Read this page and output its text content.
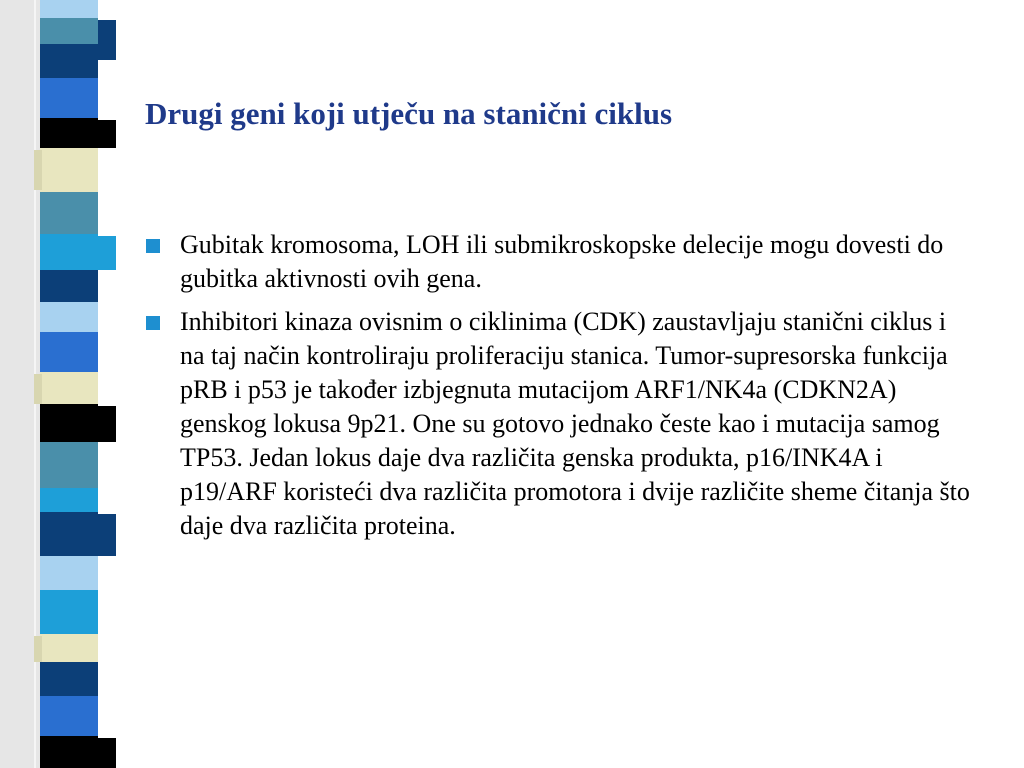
Drugi geni koji utječu na stanični ciklus
Gubitak kromosoma, LOH ili submikroskopske delecije mogu dovesti do gubitka aktivnosti ovih gena.
Inhibitori kinaza ovisnim o ciklinima (CDK) zaustavljaju stanični ciklus i na taj način kontroliraju proliferaciju stanica. Tumor-supresorska funkcija pRB i p53 je također izbjegnuta mutacijom ARF1/NK4a (CDKN2A) genskog lokusa 9p21. One su gotovo jednako česte kao i mutacija samog TP53. Jedan lokus daje dva različita genska produkta, p16/INK4A i p19/ARF koristeći dva različita promotora i dvije različite sheme čitanja što daje dva različita proteina.
